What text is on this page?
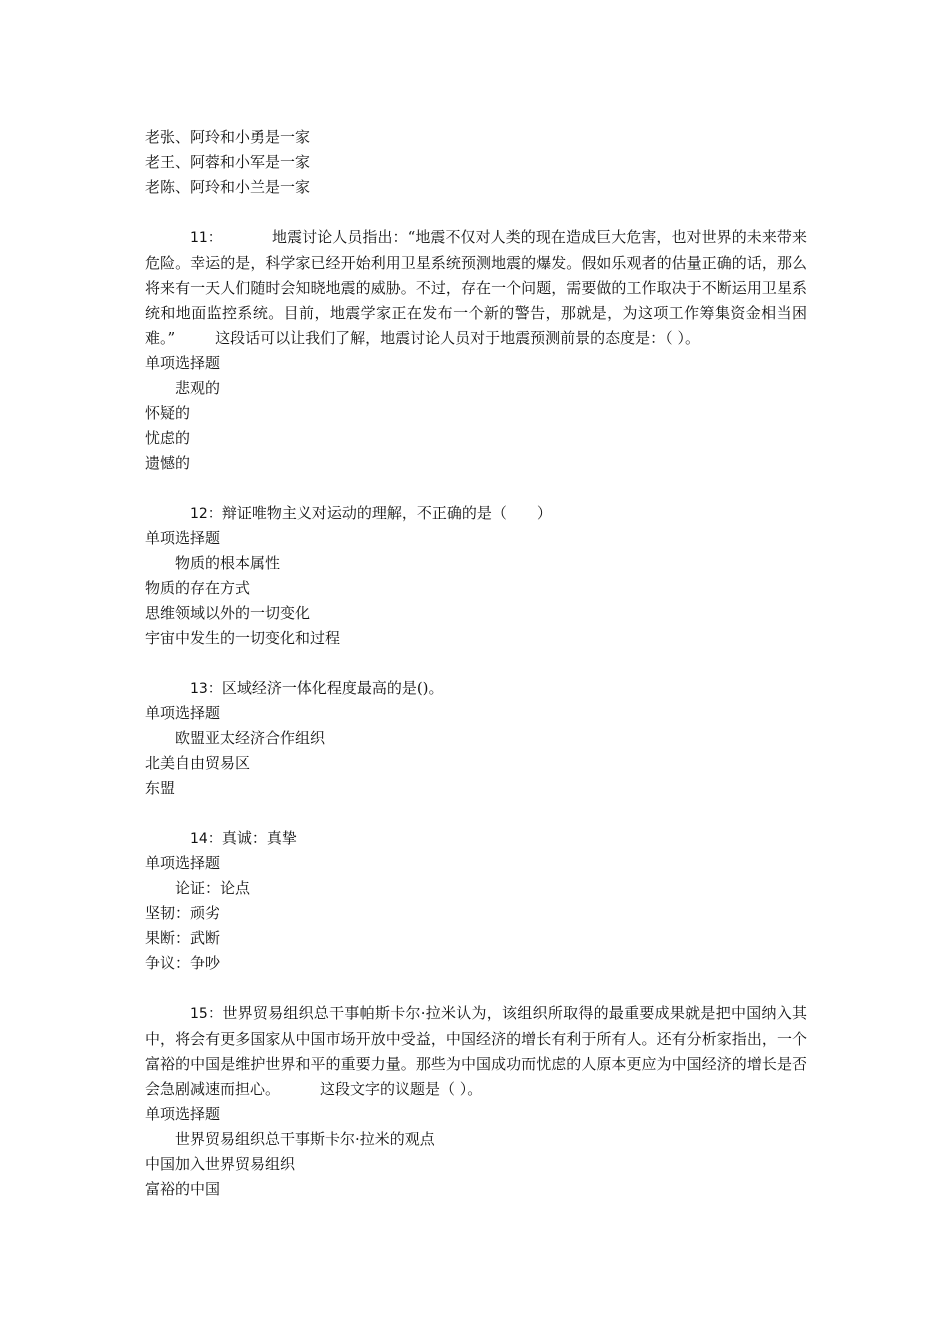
老张、阿玲和小勇是一家
老王、阿蓉和小军是一家
老陈、阿玲和小兰是一家
11：	地震讨论人员指出：“地震不仅对人类的现在造成巨大危害，也对世界的未来带来危险。幸运的是，科学家已经开始利用卫星系统预测地震的爆发。假如乐观者的估量正确的话，那么将来有一天人们随时会知晓地震的威胁。不过，存在一个问题，需要做的工作取决于不断运用卫星系统和地面监控系统。目前，地震学家正在发布一个新的警告，那就是，为这项工作筹集资金相当困难。”	这段话可以让我们了解，地震讨论人员对于地震预测前景的态度是：（ ）。
单项选择题
悲观的
怀疑的
忧虑的
遗憾的
12：辩证唯物主义对运动的理解，不正确的是（　　）
单项选择题
物质的根本属性
物质的存在方式
思维领域以外的一切变化
宇宙中发生的一切变化和过程
13：区域经济一体化程度最高的是()。
单项选择题
欧盟亚太经济合作组织
北美自由贸易区
东盟
14：真诚：真挚
单项选择题
论证：论点
坚韧：顽劣
果断：武断
争议：争吵
15：世界贸易组织总干事帕斯卡尔·拉米认为，该组织所取得的最重要成果就是把中国纳入其中，将会有更多国家从中国市场开放中受益，中国经济的增长有利于所有人。还有分析家指出，一个富裕的中国是维护世界和平的重要力量。那些为中国成功而忧虑的人原本更应为中国经济的增长是否会急剧减速而担心。	这段文字的议题是（ ）。
单项选择题
世界贸易组织总干事斯卡尔·拉米的观点
中国加入世界贸易组织
富裕的中国
